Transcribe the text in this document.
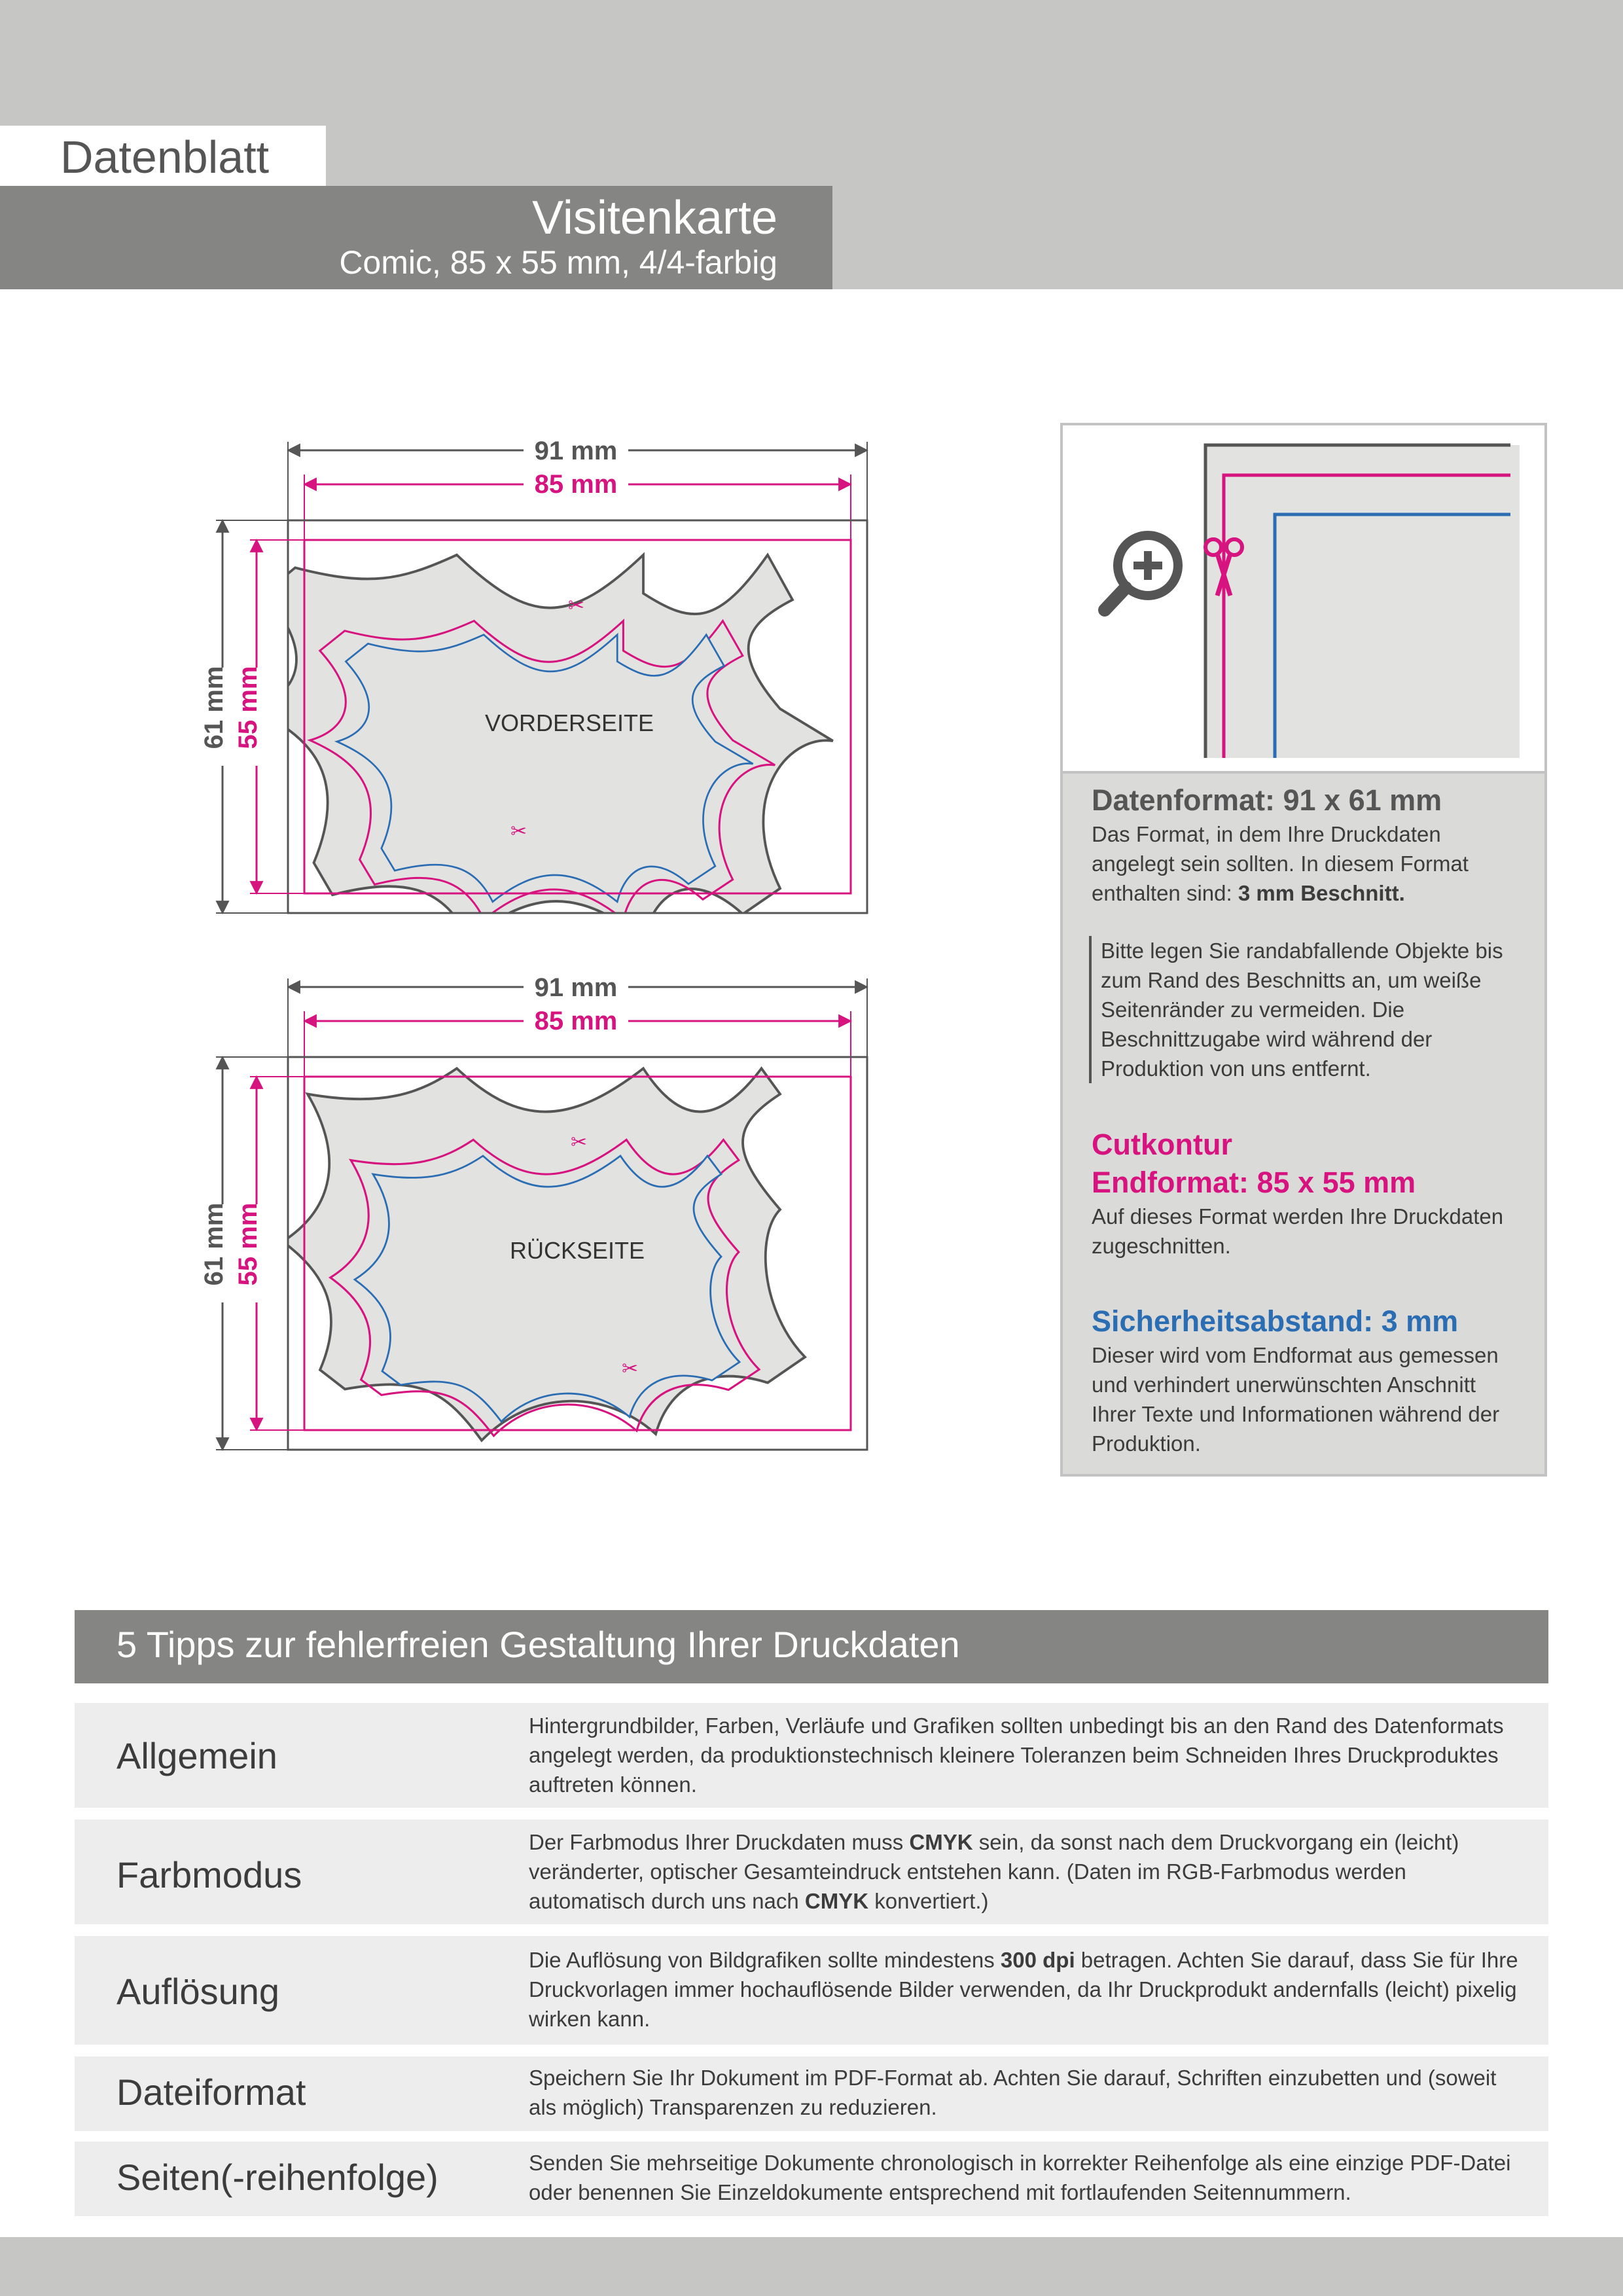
Datenblatt
Visitenkarte
Comic, 85 x 55 mm, 4/4-farbig
91 mm
85 mm
61 mm 55 mm
✂
✂
VORDERSEITE
91 mm
85 mm
61 mm 55 mm
✂
✂
RÜCKSEITE
Datenformat: 91 x 61 mm
Das Format, in dem Ihre Druckdaten angelegt sein sollten. In diesem Format enthalten sind: 3 mm Beschnitt.
Bitte legen Sie randabfallende Objekte bis zum Rand des Beschnitts an, um weiße Seitenränder zu vermeiden. Die Beschnittzugabe wird während der Produktion von uns entfernt.
Cutkontur
Endformat: 85 x 55 mm
Auf dieses Format werden Ihre Druckdaten zugeschnitten.
Sicherheitsabstand: 3 mm
Dieser wird vom Endformat aus gemessen und verhindert unerwünschten Anschnitt Ihrer Texte und Informationen während der Produktion.
5 Tipps zur fehlerfreien Gestaltung Ihrer Druckdaten
Allgemein
Hintergrundbilder, Farben, Verläufe und Grafiken sollten unbedingt bis an den Rand des Datenformats angelegt werden, da produktionstechnisch kleinere Toleranzen beim Schneiden Ihres Druckproduktes auftreten können.
Farbmodus
Der Farbmodus Ihrer Druckdaten muss CMYK sein, da sonst nach dem Druckvorgang ein (leicht) veränderter, optischer Gesamteindruck entstehen kann. (Daten im RGB-Farbmodus werden automatisch durch uns nach CMYK konvertiert.)
Auflösung
Die Auflösung von Bildgrafiken sollte mindestens 300 dpi betragen. Achten Sie darauf, dass Sie für Ihre Druckvorlagen immer hochauflösende Bilder verwenden, da Ihr Druckprodukt andernfalls (leicht) pixelig wirken kann.
Dateiformat	Speichern Sie Ihr Dokument im PDF-Format ab. Achten Sie darauf, Schriften einzubetten und (soweit als möglich) Transparenzen zu reduzieren.
Seiten(-reihenfolge)	Senden Sie mehrseitige Dokumente chronologisch in korrekter Reihenfolge als eine einzige PDF-Datei oder benennen Sie Einzeldokumente entsprechend mit fortlaufenden Seitennummern.
